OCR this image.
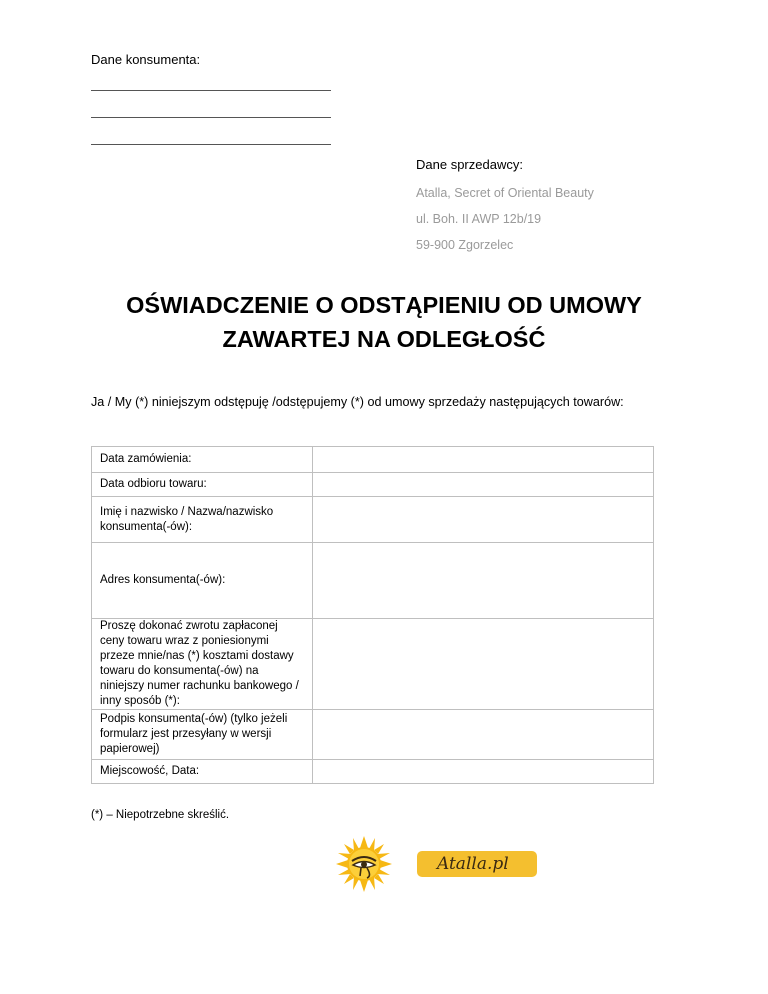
Dane konsumenta:
Dane sprzedawcy:
Atalla, Secret of Oriental Beauty
ul. Boh. II AWP 12b/19
59-900 Zgorzelec
OŚWIADCZENIE O ODSTĄPIENIU OD UMOWY
ZAWARTEJ NA ODLEGŁOŚĆ
Ja / My (*) niniejszym odstępuję /odstępujemy (*) od umowy sprzedaży następujących towarów:
Data zamówienia:	
Data odbioru towaru:	
Imię i nazwisko / Nazwa/nazwisko konsumenta(-ów):	
Adres konsumenta(-ów):	
Proszę dokonać zwrotu zapłaconej ceny towaru wraz z poniesionymi przeze mnie/nas (*) kosztami dostawy towaru do konsumenta(-ów) na niniejszy numer rachunku bankowego / inny sposób (*):	
Podpis konsumenta(-ów) (tylko jeżeli formularz jest przesyłany w wersji papierowej)	
Miejscowość, Data:	
(*) – Niepotrzebne skreślić.
Atalla.pl
